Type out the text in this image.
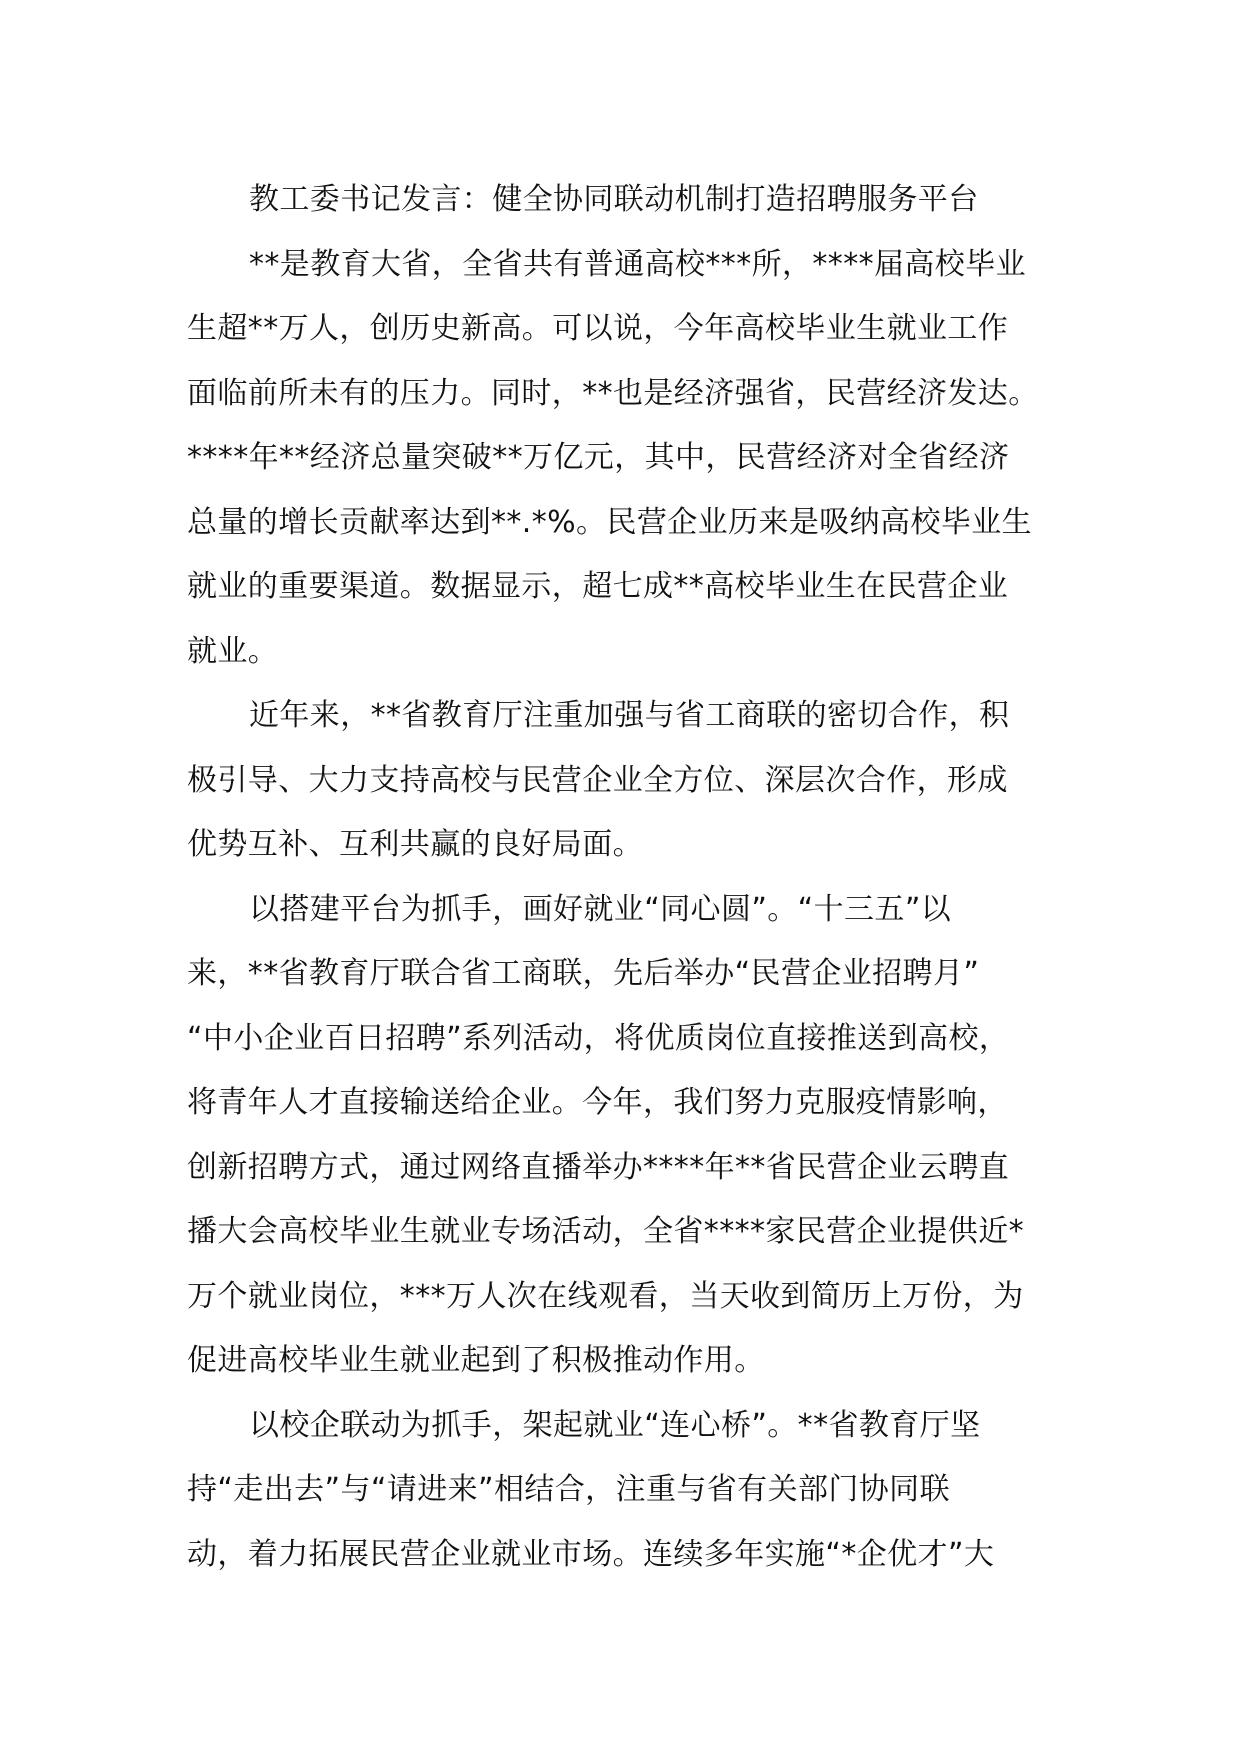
教工委书记发言：健全协同联动机制打造招聘服务平台
**是教育大省，全省共有普通高校***所，****届高校毕业
生超**万人，创历史新高。可以说，今年高校毕业生就业工作
面临前所未有的压力。同时，**也是经济强省，民营经济发达。
****年**经济总量突破**万亿元，其中，民营经济对全省经济
总量的增长贡献率达到**.*%。民营企业历来是吸纳高校毕业生
就业的重要渠道。数据显示，超七成**高校毕业生在民营企业
就业。
近年来，**省教育厅注重加强与省工商联的密切合作，积
极引导、大力支持高校与民营企业全方位、深层次合作，形成
优势互补、互利共赢的良好局面。
以搭建平台为抓手，画好就业“同心圆”。“十三五”以
来，**省教育厅联合省工商联，先后举办“民营企业招聘月”
“中小企业百日招聘”系列活动，将优质岗位直接推送到高校，
将青年人才直接输送给企业。今年，我们努力克服疫情影响，
创新招聘方式，通过网络直播举办****年**省民营企业云聘直
播大会高校毕业生就业专场活动，全省****家民营企业提供近*
万个就业岗位，***万人次在线观看，当天收到简历上万份，为
促进高校毕业生就业起到了积极推动作用。
以校企联动为抓手，架起就业“连心桥”。**省教育厅坚
持“走出去”与“请进来”相结合，注重与省有关部门协同联
动，着力拓展民营企业就业市场。连续多年实施“*企优才”大
